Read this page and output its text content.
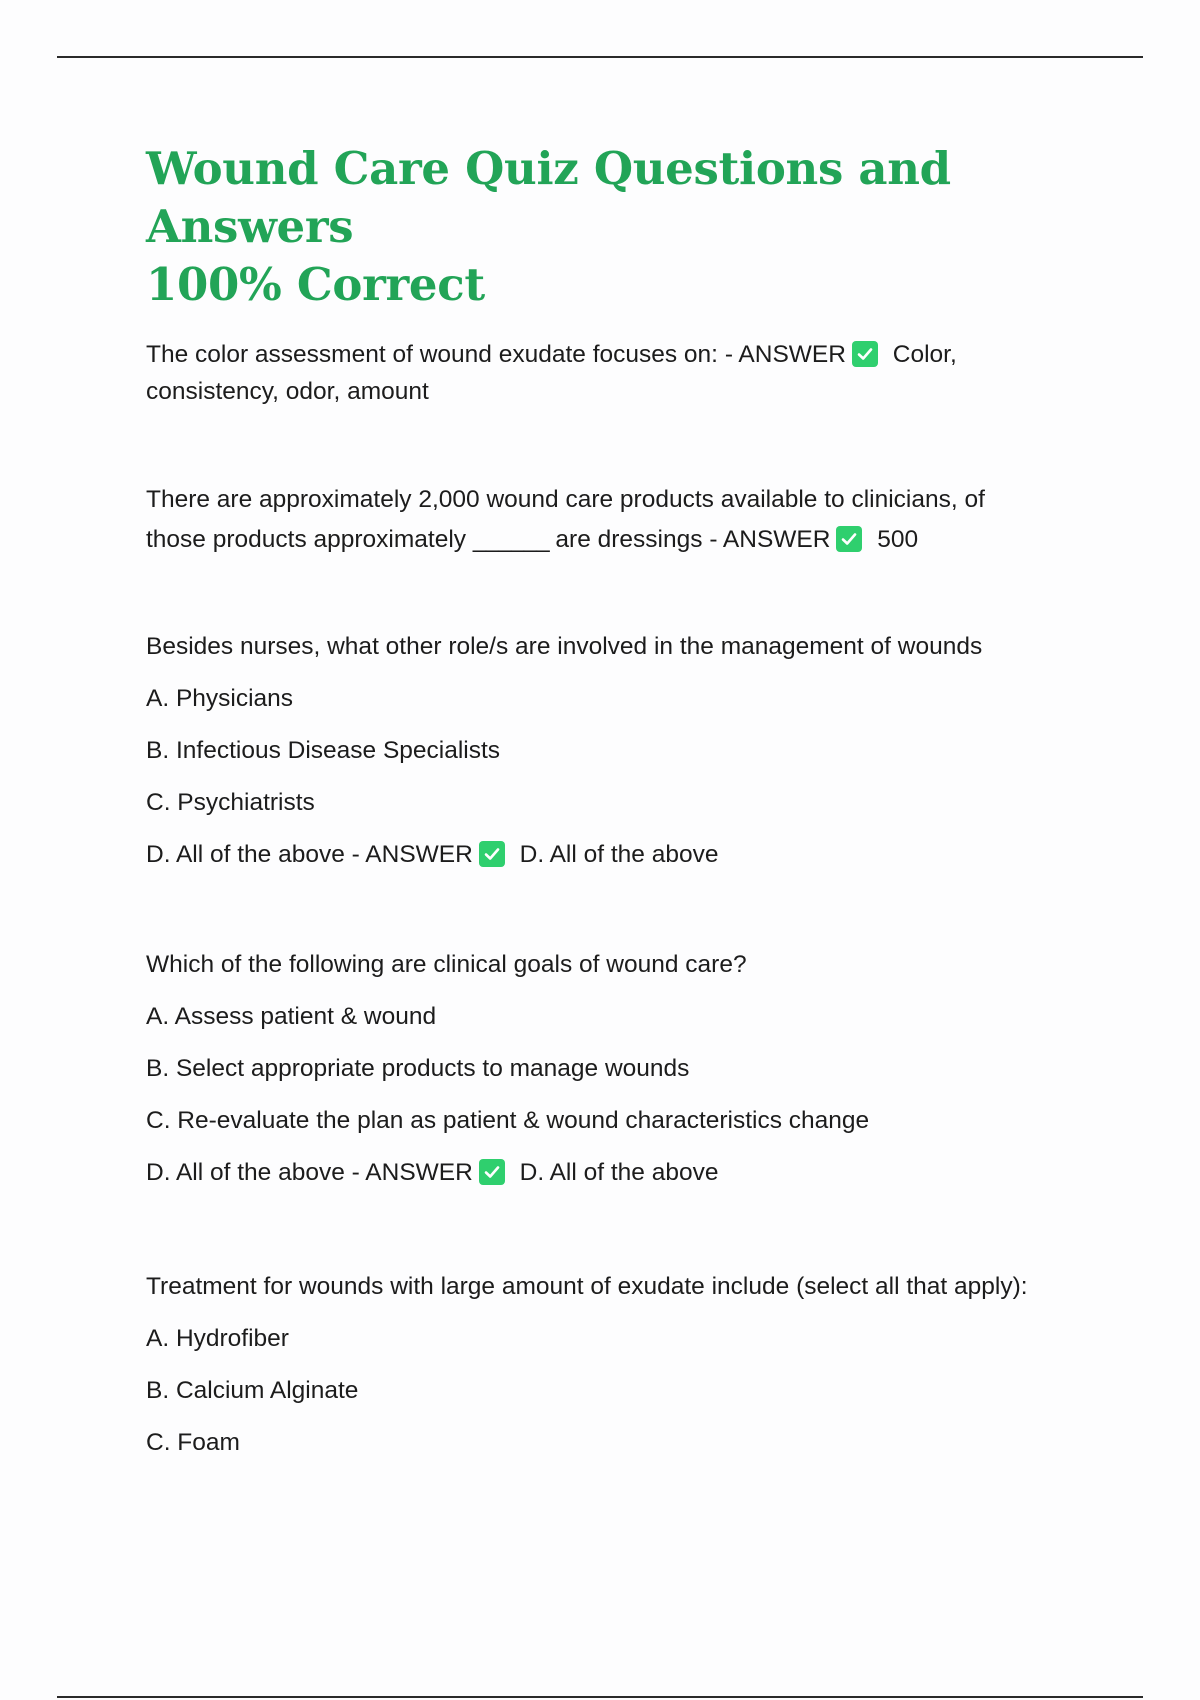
Wound Care Quiz Questions and Answers
100% Correct

The color assessment of wound exudate focuses on: - ANSWER Color,
consistency, odor, amount

There are approximately 2,000 wound care products available to clinicians, of
those products approximately ______ are dressings - ANSWER 500

Besides nurses, what other role/s are involved in the management of wounds

A. Physicians

B. Infectious Disease Specialists

C. Psychiatrists

D. All of the above - ANSWER D. All of the above

Which of the following are clinical goals of wound care?

A. Assess patient & wound

B. Select appropriate products to manage wounds

C. Re-evaluate the plan as patient & wound characteristics change

D. All of the above - ANSWER D. All of the above

Treatment for wounds with large amount of exudate include (select all that apply):

A. Hydrofiber

B. Calcium Alginate

C. Foam
